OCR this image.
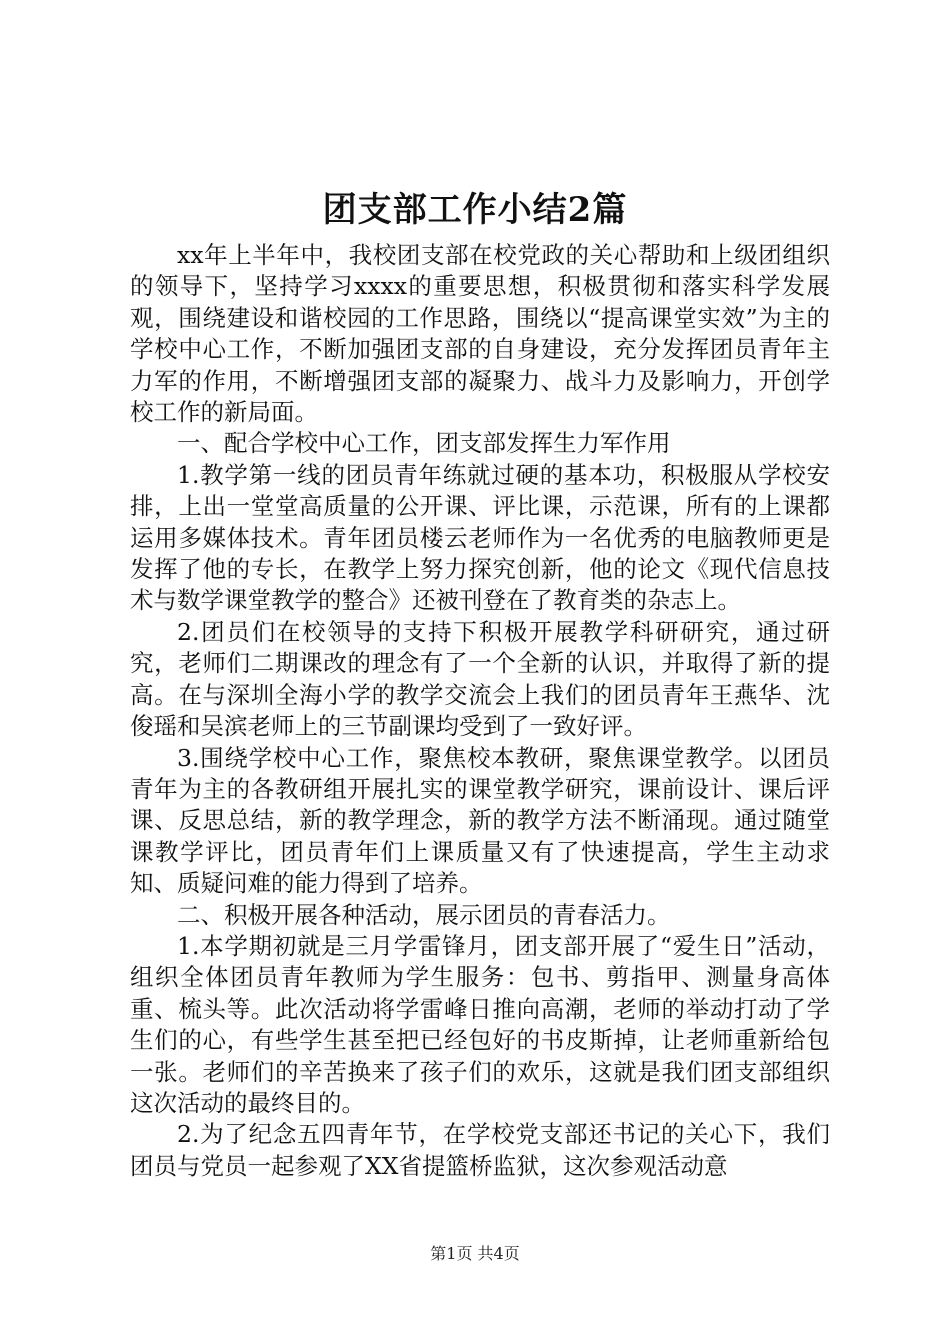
团支部工作小结2篇

xx年上半年中，我校团支部在校党政的关心帮助和上级团组织的领导下，坚持学习xxxx的重要思想，积极贯彻和落实科学发展观，围绕建设和谐校园的工作思路，围绕以“提高课堂实效”为主的学校中心工作，不断加强团支部的自身建设，充分发挥团员青年主力军的作用，不断增强团支部的凝聚力、战斗力及影响力，开创学校工作的新局面。

一、配合学校中心工作，团支部发挥生力军作用

1.教学第一线的团员青年练就过硬的基本功，积极服从学校安排，上出一堂堂高质量的公开课、评比课，示范课，所有的上课都运用多媒体技术。青年团员楼云老师作为一名优秀的电脑教师更是发挥了他的专长，在教学上努力探究创新，他的论文《现代信息技术与数学课堂教学的整合》还被刊登在了教育类的杂志上。

2.团员们在校领导的支持下积极开展教学科研研究，通过研究，老师们二期课改的理念有了一个全新的认识，并取得了新的提高。在与深圳全海小学的教学交流会上我们的团员青年王燕华、沈俊瑶和吴滨老师上的三节副课均受到了一致好评。

3.围绕学校中心工作，聚焦校本教研，聚焦课堂教学。以团员青年为主的各教研组开展扎实的课堂教学研究，课前设计、课后评课、反思总结，新的教学理念，新的教学方法不断涌现。通过随堂课教学评比，团员青年们上课质量又有了快速提高，学生主动求知、质疑问难的能力得到了培养。

二、积极开展各种活动，展示团员的青春活力。

1.本学期初就是三月学雷锋月，团支部开展了“爱生日”活动，组织全体团员青年教师为学生服务：包书、剪指甲、测量身高体重、梳头等。此次活动将学雷峰日推向高潮，老师的举动打动了学生们的心，有些学生甚至把已经包好的书皮斯掉，让老师重新给包一张。老师们的辛苦换来了孩子们的欢乐，这就是我们团支部组织这次活动的最终目的。

2.为了纪念五四青年节，在学校党支部还书记的关心下，我们团员与党员一起参观了XX省提篮桥监狱，这次参观活动意

第1页 共4页
